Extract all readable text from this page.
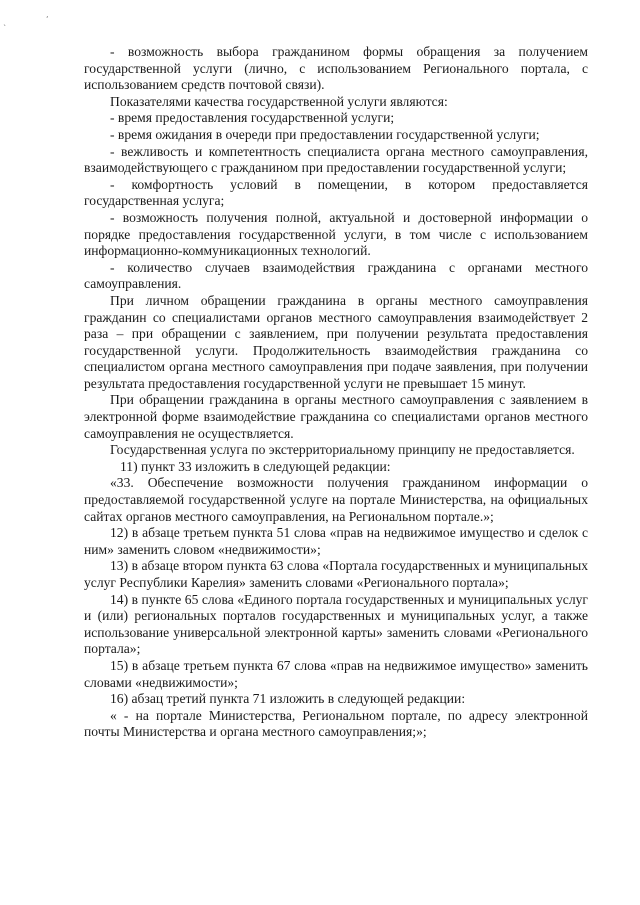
`
,

- возможность выбора гражданином формы обращения за получением государственной услуги (лично, с использованием Регионального портала, с использованием средств почтовой связи).

Показателями качества государственной услуги являются:

- время предоставления государственной услуги;

- время ожидания в очереди при предоставлении государственной услуги;

- вежливость и компетентность специалиста органа местного самоуправления, взаимодействующего с гражданином при предоставлении государственной услуги;

- комфортность условий в помещении, в котором предоставляется государственная услуга;

- возможность получения полной, актуальной и достоверной информации о порядке предоставления государственной услуги, в том числе с использованием информационно-коммуникационных технологий.

- количество случаев взаимодействия гражданина с органами местного самоуправления.

При личном обращении гражданина в органы местного самоуправления гражданин со специалистами органов местного самоуправления взаимодействует 2 раза – при обращении с заявлением, при получении результата предоставления государственной услуги. Продолжительность взаимодействия гражданина со специалистом органа местного самоуправления при подаче заявления, при получении результата предоставления государственной услуги не превышает 15 минут.

При обращении гражданина в органы местного самоуправления с заявлением в электронной форме взаимодействие гражданина со специалистами органов местного самоуправления не осуществляется.

Государственная услуга по экстерриториальному принципу не предоставляется.

11) пункт 33 изложить в следующей редакции:

«33. Обеспечение возможности получения гражданином информации о предоставляемой государственной услуге на портале Министерства, на официальных сайтах органов местного самоуправления, на Региональном портале.»;

12) в абзаце третьем пункта 51 слова «прав на недвижимое имущество и сделок с ним» заменить словом «недвижимости»;

13) в абзаце втором пункта 63 слова «Портала государственных и муниципальных услуг Республики Карелия» заменить словами «Регионального портала»;

14) в пункте 65 слова «Единого портала государственных и муниципальных услуг и (или) региональных порталов государственных и муниципальных услуг, а также использование универсальной электронной карты» заменить словами «Регионального портала»;

15) в абзаце третьем пункта 67 слова «прав на недвижимое имущество» заменить словами «недвижимости»;

16) абзац третий пункта 71 изложить в следующей редакции:

« - на портале Министерства, Региональном портале, по адресу электронной почты Министерства и органа местного самоуправления;»;
